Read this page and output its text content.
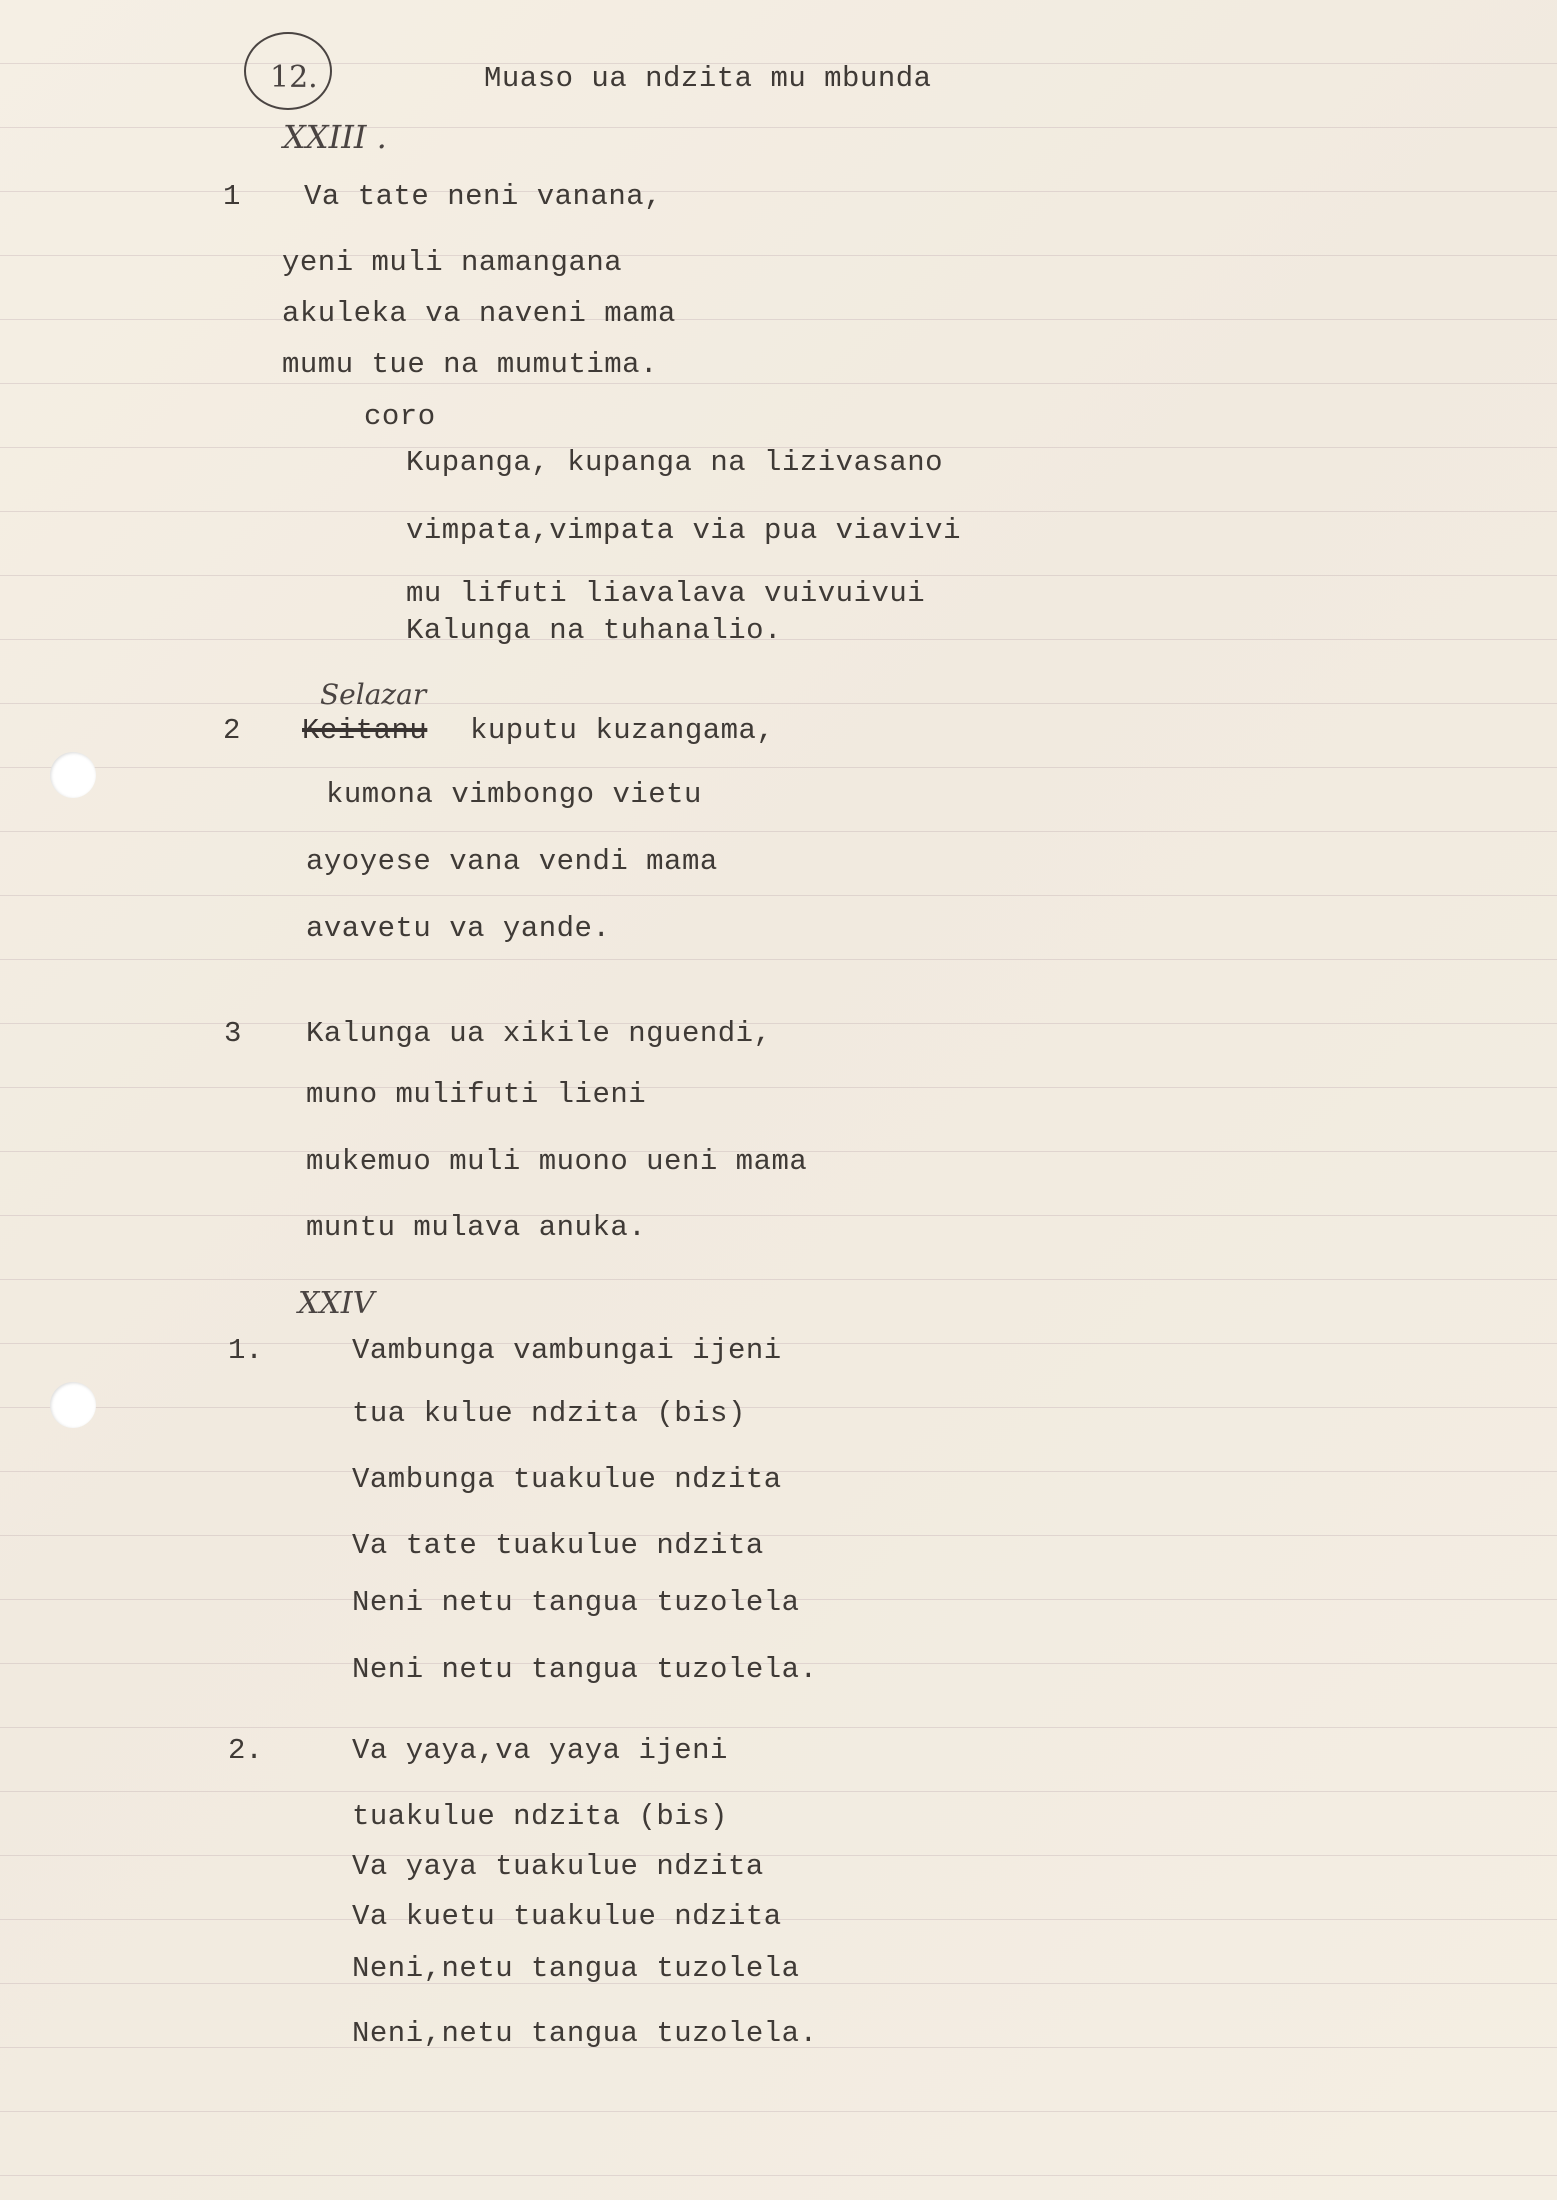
12.	Muaso ua ndzita mu mbunda
XXIII .
1 Va tate neni vanana,
yeni muli namangana
akuleka va naveni mama
mumu tue na mumutima.
coro
Kupanga, kupanga na lizivasano
vimpata,vimpata via pua viavivi
mu lifuti liavalava vuivuivui
Kalunga na tuhanalio.
Selazar
2 Keitanu kuputu kuzangama,
kumona vimbongo vietu
ayoyese vana vendi mama
avavetu va yande.
3 Kalunga ua xikile nguendi,
muno mulifuti lieni
mukemuo muli muono ueni mama
muntu mulava anuka.
XXIV
1.	Vambunga vambungai ijeni
tua kulue ndzita (bis)
Vambunga tuakulue ndzita
Va tate tuakulue ndzita
Neni netu tangua tuzolela
Neni netu tangua tuzolela.
2.	Va yaya,va yaya ijeni
tuakulue ndzita (bis)
Va yaya tuakulue ndzita
Va kuetu tuakulue ndzita
Neni,netu tangua tuzolela
Neni,netu tangua tuzolela.
